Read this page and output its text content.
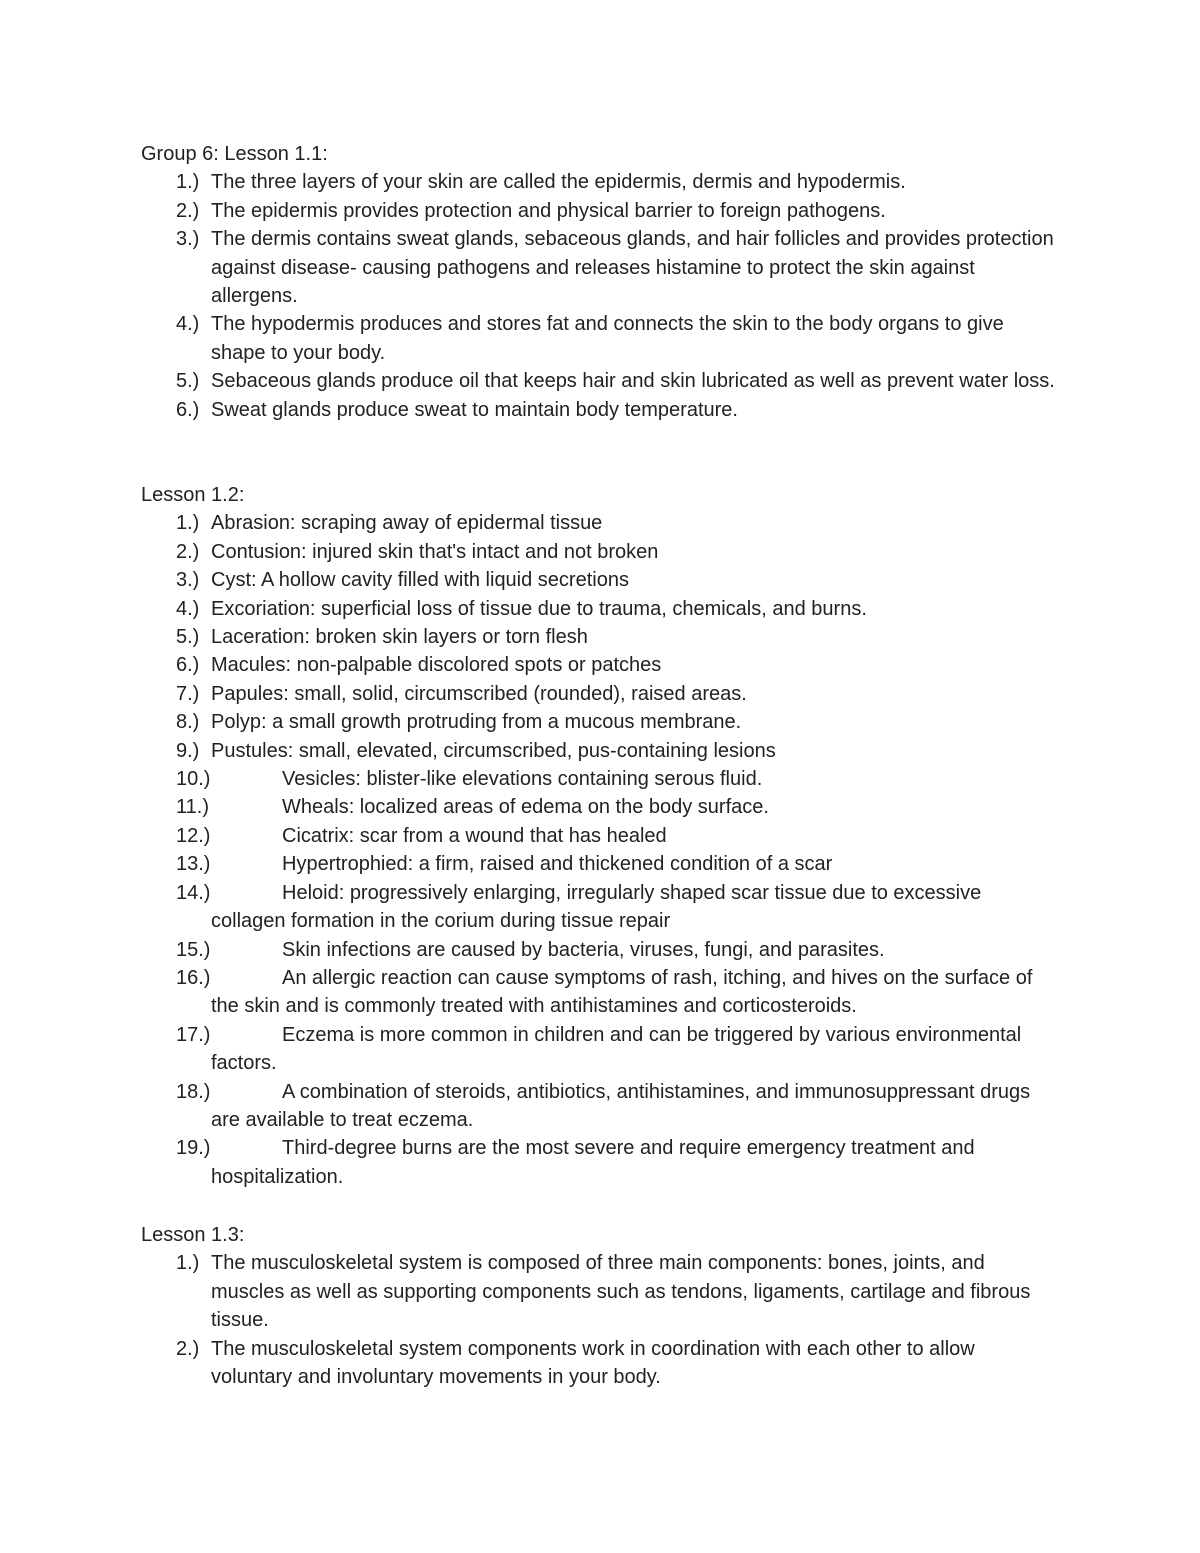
Group 6: Lesson 1.1:
1.) The three layers of your skin are called the epidermis, dermis and hypodermis.
2.) The epidermis provides protection and physical barrier to foreign pathogens.
3.) The dermis contains sweat glands, sebaceous glands, and hair follicles and provides protection against disease- causing pathogens and releases histamine to protect the skin against allergens.
4.) The hypodermis produces and stores fat and connects the skin to the body organs to give shape to your body.
5.) Sebaceous glands produce oil that keeps hair and skin lubricated as well as prevent water loss.
6.) Sweat glands produce sweat to maintain body temperature.
Lesson 1.2:
1.) Abrasion: scraping away of epidermal tissue
2.) Contusion: injured skin that's intact and not broken
3.) Cyst: A hollow cavity filled with liquid secretions
4.) Excoriation: superficial loss of tissue due to trauma, chemicals, and burns.
5.) Laceration: broken skin layers or torn flesh
6.) Macules: non-palpable discolored spots or patches
7.) Papules: small, solid, circumscribed (rounded), raised areas.
8.) Polyp: a small growth protruding from a mucous membrane.
9.) Pustules: small, elevated, circumscribed, pus-containing lesions
10.)	Vesicles: blister-like elevations containing serous fluid.
11.)	Wheals: localized areas of edema on the body surface.
12.)	Cicatrix: scar from a wound that has healed
13.)	Hypertrophied: a firm, raised and thickened condition of a scar
14.)	Heloid: progressively enlarging, irregularly shaped scar tissue due to excessive collagen formation in the corium during tissue repair
15.)	Skin infections are caused by bacteria, viruses, fungi, and parasites.
16.)	An allergic reaction can cause symptoms of rash, itching, and hives on the surface of the skin and is commonly treated with antihistamines and corticosteroids.
17.)	Eczema is more common in children and can be triggered by various environmental factors.
18.)	A combination of steroids, antibiotics, antihistamines, and immunosuppressant drugs are available to treat eczema.
19.)	Third-degree burns are the most severe and require emergency treatment and hospitalization.
Lesson 1.3:
1.) The musculoskeletal system is composed of three main components: bones, joints, and muscles as well as supporting components such as tendons, ligaments, cartilage and fibrous tissue.
2.) The musculoskeletal system components work in coordination with each other to allow voluntary and involuntary movements in your body.
